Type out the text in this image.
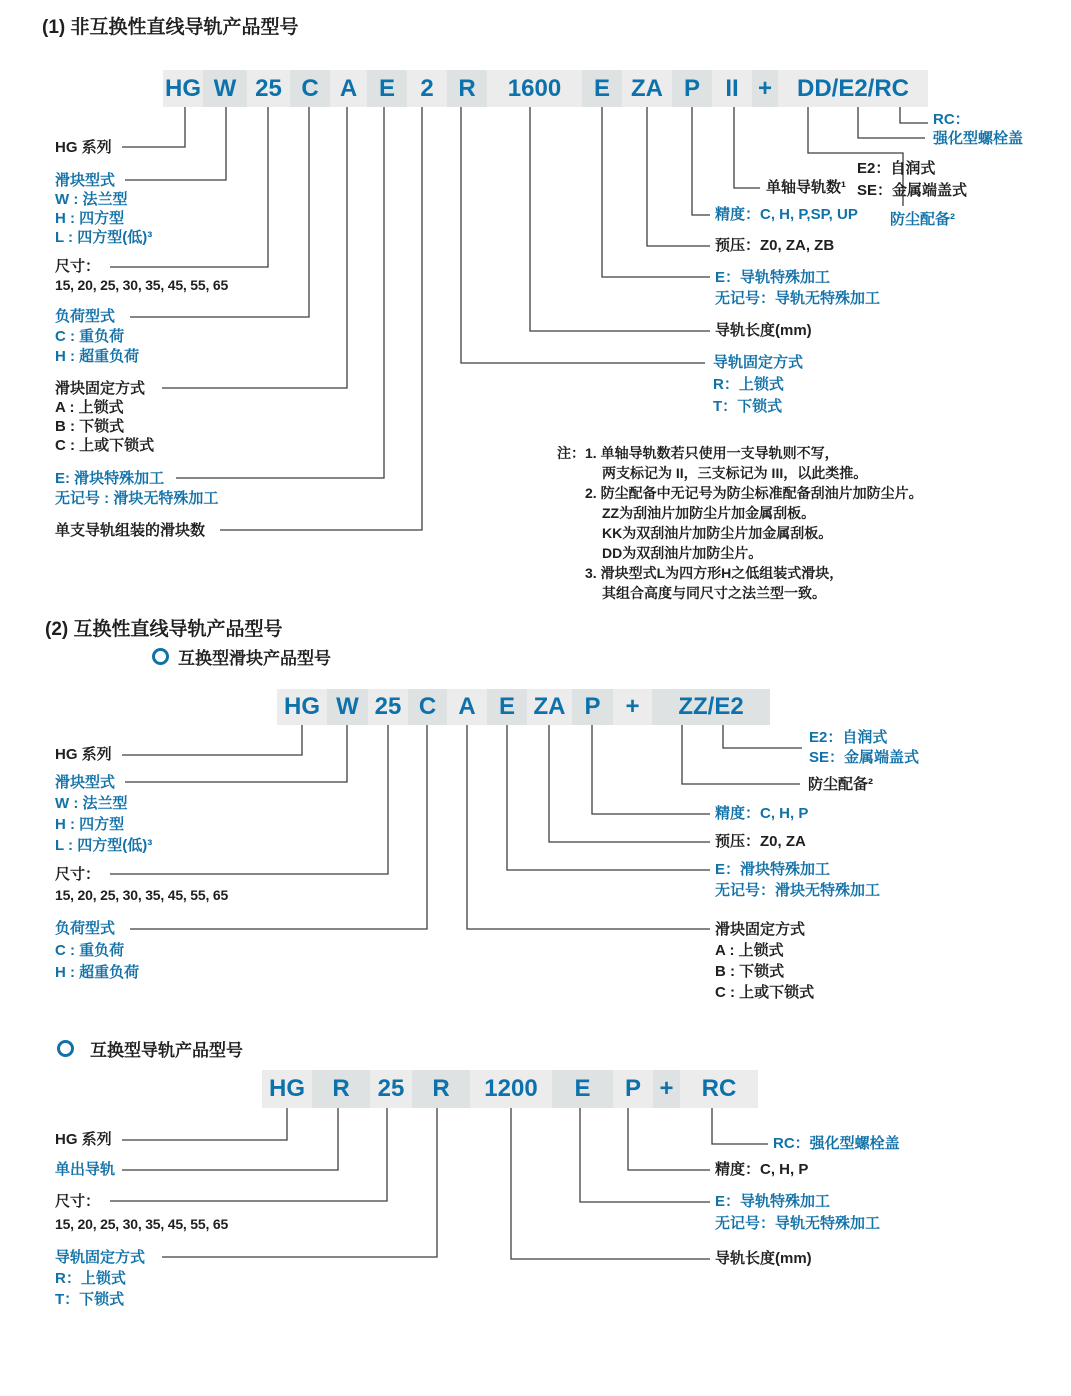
(1) 非互换性直线导轨产品型号
HG W 25 C A E	2	R	1600	E ZA P	II +	DD/E2/RC
HG 系列
滑块型式
W : 法兰型
H : 四方型
L : 四方型(低)³
尺寸：
15, 20, 25, 30, 35, 45, 55, 65
负荷型式
C : 重负荷
H : 超重负荷
滑块固定方式
A : 上锁式
B : 下锁式
C : 上或下锁式
E: 滑块特殊加工
无记号 : 滑块无特殊加工
单支导轨组装的滑块数
RC：
强化型螺栓盖
E2：自润式
SE：金属端盖式
单轴导轨数¹
防尘配备²
精度：C, H, P,SP, UP
预压：Z0, ZA, ZB
E：导轨特殊加工
无记号：导轨无特殊加工
导轨长度(mm)
导轨固定方式
R：上锁式
T：下锁式
注：1. 单轴导轨数若只使用一支导轨则不写，
两支标记为 II，三支标记为 III，以此类推。
2. 防尘配备中无记号为防尘标准配备刮油片加防尘片。
ZZ为刮油片加防尘片加金属刮板。
KK为双刮油片加防尘片加金属刮板。
DD为双刮油片加防尘片。
3. 滑块型式L为四方形H之低组装式滑块，
其组合高度与同尺寸之法兰型一致。
(2) 互换性直线导轨产品型号
互换型滑块产品型号
HG W 25 C A E ZA P	+	ZZ/E2
HG 系列
滑块型式
W : 法兰型
H : 四方型
L : 四方型(低)³
尺寸：
15, 20, 25, 30, 35, 45, 55, 65
负荷型式
C : 重负荷
H : 超重负荷
E2：自润式
SE：金属端盖式
防尘配备²
精度：C, H, P
预压：Z0, ZA
E：滑块特殊加工
无记号：滑块无特殊加工
滑块固定方式
A : 上锁式
B : 下锁式
C : 上或下锁式
互换型导轨产品型号
HG	R	25	R	1200	E	P +	RC
HG 系列
单出导轨
尺寸：
15, 20, 25, 30, 35, 45, 55, 65
导轨固定方式
R：上锁式
T：下锁式
RC：强化型螺栓盖
精度：C, H, P
E：导轨特殊加工
无记号：导轨无特殊加工
导轨长度(mm)
